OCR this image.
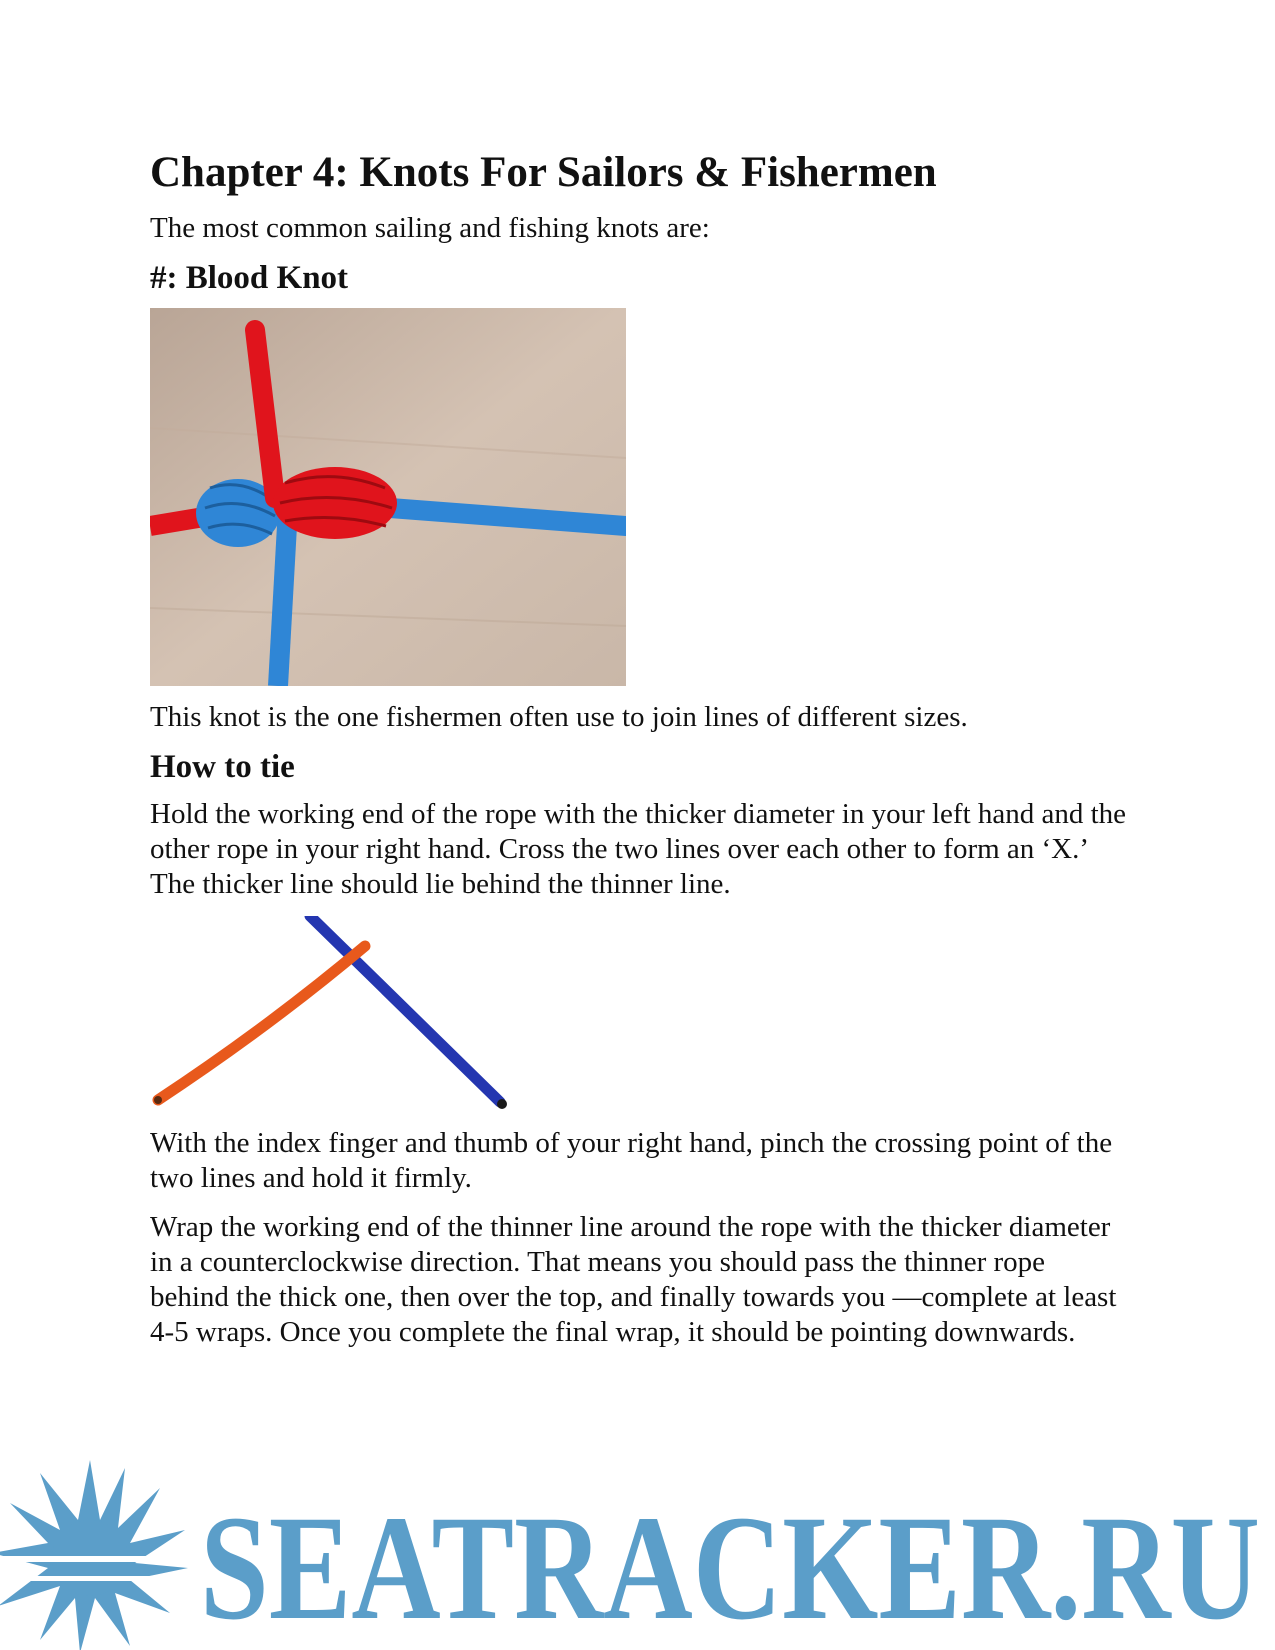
Chapter 4: Knots For Sailors & Fishermen

The most common sailing and fishing knots are:

#: Blood Knot

This knot is the one fishermen often use to join lines of different sizes.

How to tie

Hold the working end of the rope with the thicker diameter in your left hand and the other rope in your right hand. Cross the two lines over each other to form an ‘X.’ The thicker line should lie behind the thinner line.

With the index finger and thumb of your right hand, pinch the crossing point of the two lines and hold it firmly.

Wrap the working end of the thinner line around the rope with the thicker diameter in a counterclockwise direction. That means you should pass the thinner rope behind the thick one, then over the top, and finally towards you —complete at least 4-5 wraps. Once you complete the final wrap, it should be pointing downwards.

SEATRACKER.RU
